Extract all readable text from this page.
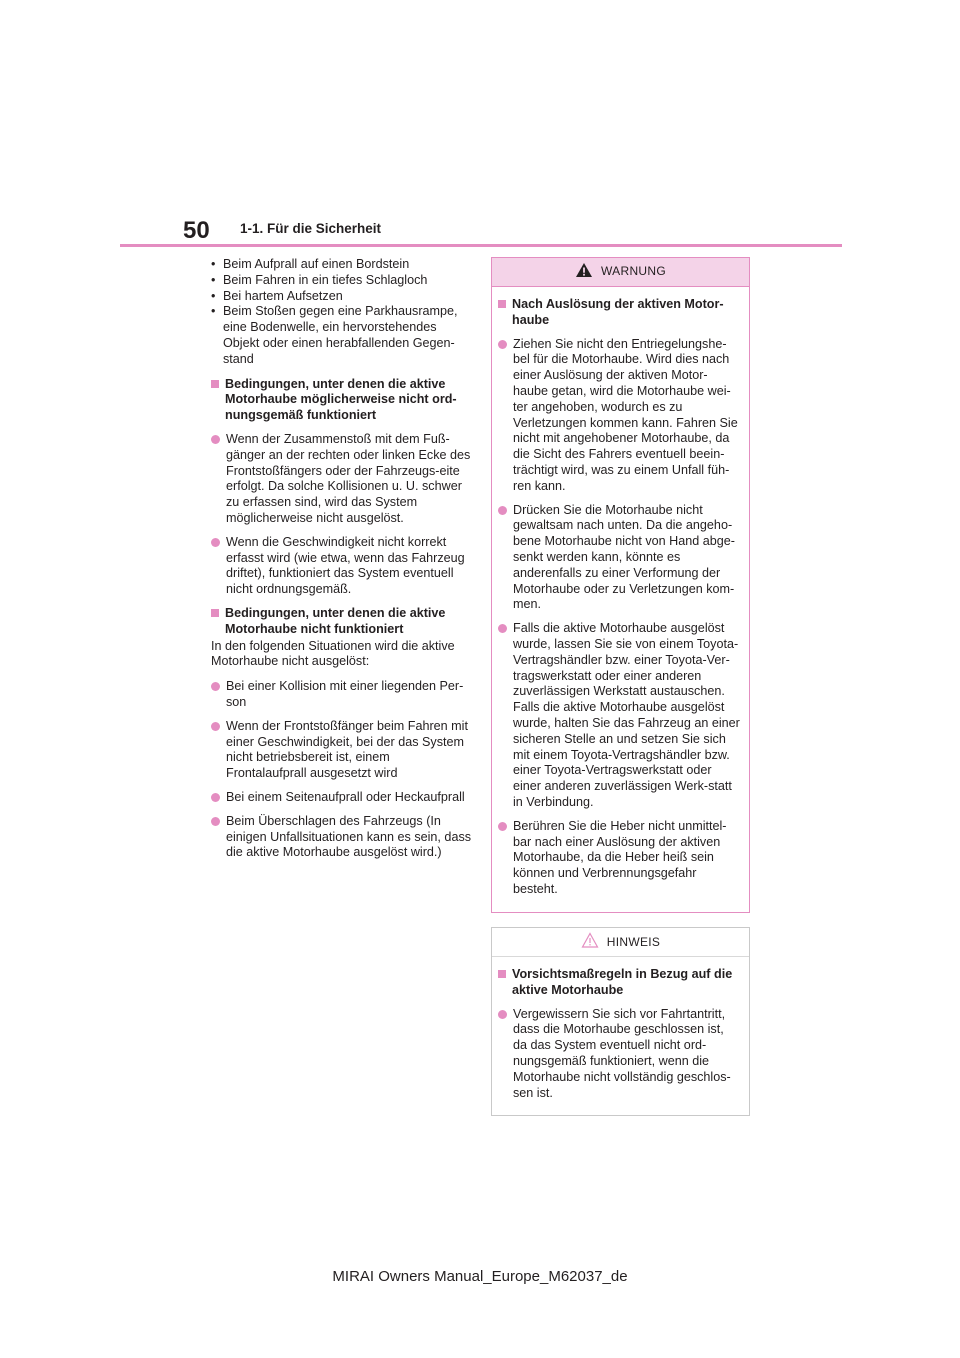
50 1-1. Für die Sicherheit
• Beim Aufprall auf einen Bordstein
• Beim Fahren in ein tiefes Schlagloch
• Bei hartem Aufsetzen
• Beim Stoßen gegen eine Parkhausrampe, eine Bodenwelle, ein hervorstehendes Objekt oder einen herabfallenden Gegen-stand
Bedingungen, unter denen die aktive Motorhaube möglicherweise nicht ord-nungsgemäß funktioniert
Wenn der Zusammenstoß mit dem Fuß-gänger an der rechten oder linken Ecke des Frontstoßfängers oder der Fahrzeugs-eite erfolgt. Da solche Kollisionen u. U. schwer zu erfassen sind, wird das System möglicherweise nicht ausgelöst.
Wenn die Geschwindigkeit nicht korrekt erfasst wird (wie etwa, wenn das Fahrzeug driftet), funktioniert das System eventuell nicht ordnungsgemäß.
Bedingungen, unter denen die aktive Motorhaube nicht funktioniert
In den folgenden Situationen wird die aktive Motorhaube nicht ausgelöst:
Bei einer Kollision mit einer liegenden Per-son
Wenn der Frontstoßfänger beim Fahren mit einer Geschwindigkeit, bei der das System nicht betriebsbereit ist, einem Frontalaufprall ausgesetzt wird
Bei einem Seitenaufprall oder Heckaufprall
Beim Überschlagen des Fahrzeugs (In einigen Unfallsituationen kann es sein, dass die aktive Motorhaube ausgelöst wird.)
WARNUNG
Nach Auslösung der aktiven Motor-haube
Ziehen Sie nicht den Entriegelungshe-bel für die Motorhaube. Wird dies nach einer Auslösung der aktiven Motor-haube getan, wird die Motorhaube wei-ter angehoben, wodurch es zu Verletzungen kommen kann. Fahren Sie nicht mit angehobener Motorhaube, da die Sicht des Fahrers eventuell beein-trächtigt wird, was zu einem Unfall füh-ren kann.
Drücken Sie die Motorhaube nicht gewaltsam nach unten. Da die angeho-bene Motorhaube nicht von Hand abge-senkt werden kann, könnte es anderenfalls zu einer Verformung der Motorhaube oder zu Verletzungen kom-men.
Falls die aktive Motorhaube ausgelöst wurde, lassen Sie sie von einem Toyota-Vertragshändler bzw. einer Toyota-Ver-tragswerkstatt oder einer anderen zuverlässigen Werkstatt austauschen. Falls die aktive Motorhaube ausgelöst wurde, halten Sie das Fahrzeug an einer sicheren Stelle an und setzen Sie sich mit einem Toyota-Vertragshändler bzw. einer Toyota-Vertragswerkstatt oder einer anderen zuverlässigen Werk-statt in Verbindung.
Berühren Sie die Heber nicht unmittel-bar nach einer Auslösung der aktiven Motorhaube, da die Heber heiß sein können und Verbrennungsgefahr besteht.
HINWEIS
Vorsichtsmaßregeln in Bezug auf die aktive Motorhaube
Vergewissern Sie sich vor Fahrtantritt, dass die Motorhaube geschlossen ist, da das System eventuell nicht ord-nungsgemäß funktioniert, wenn die Motorhaube nicht vollständig geschlos-sen ist.
MIRAI Owners Manual_Europe_M62037_de
